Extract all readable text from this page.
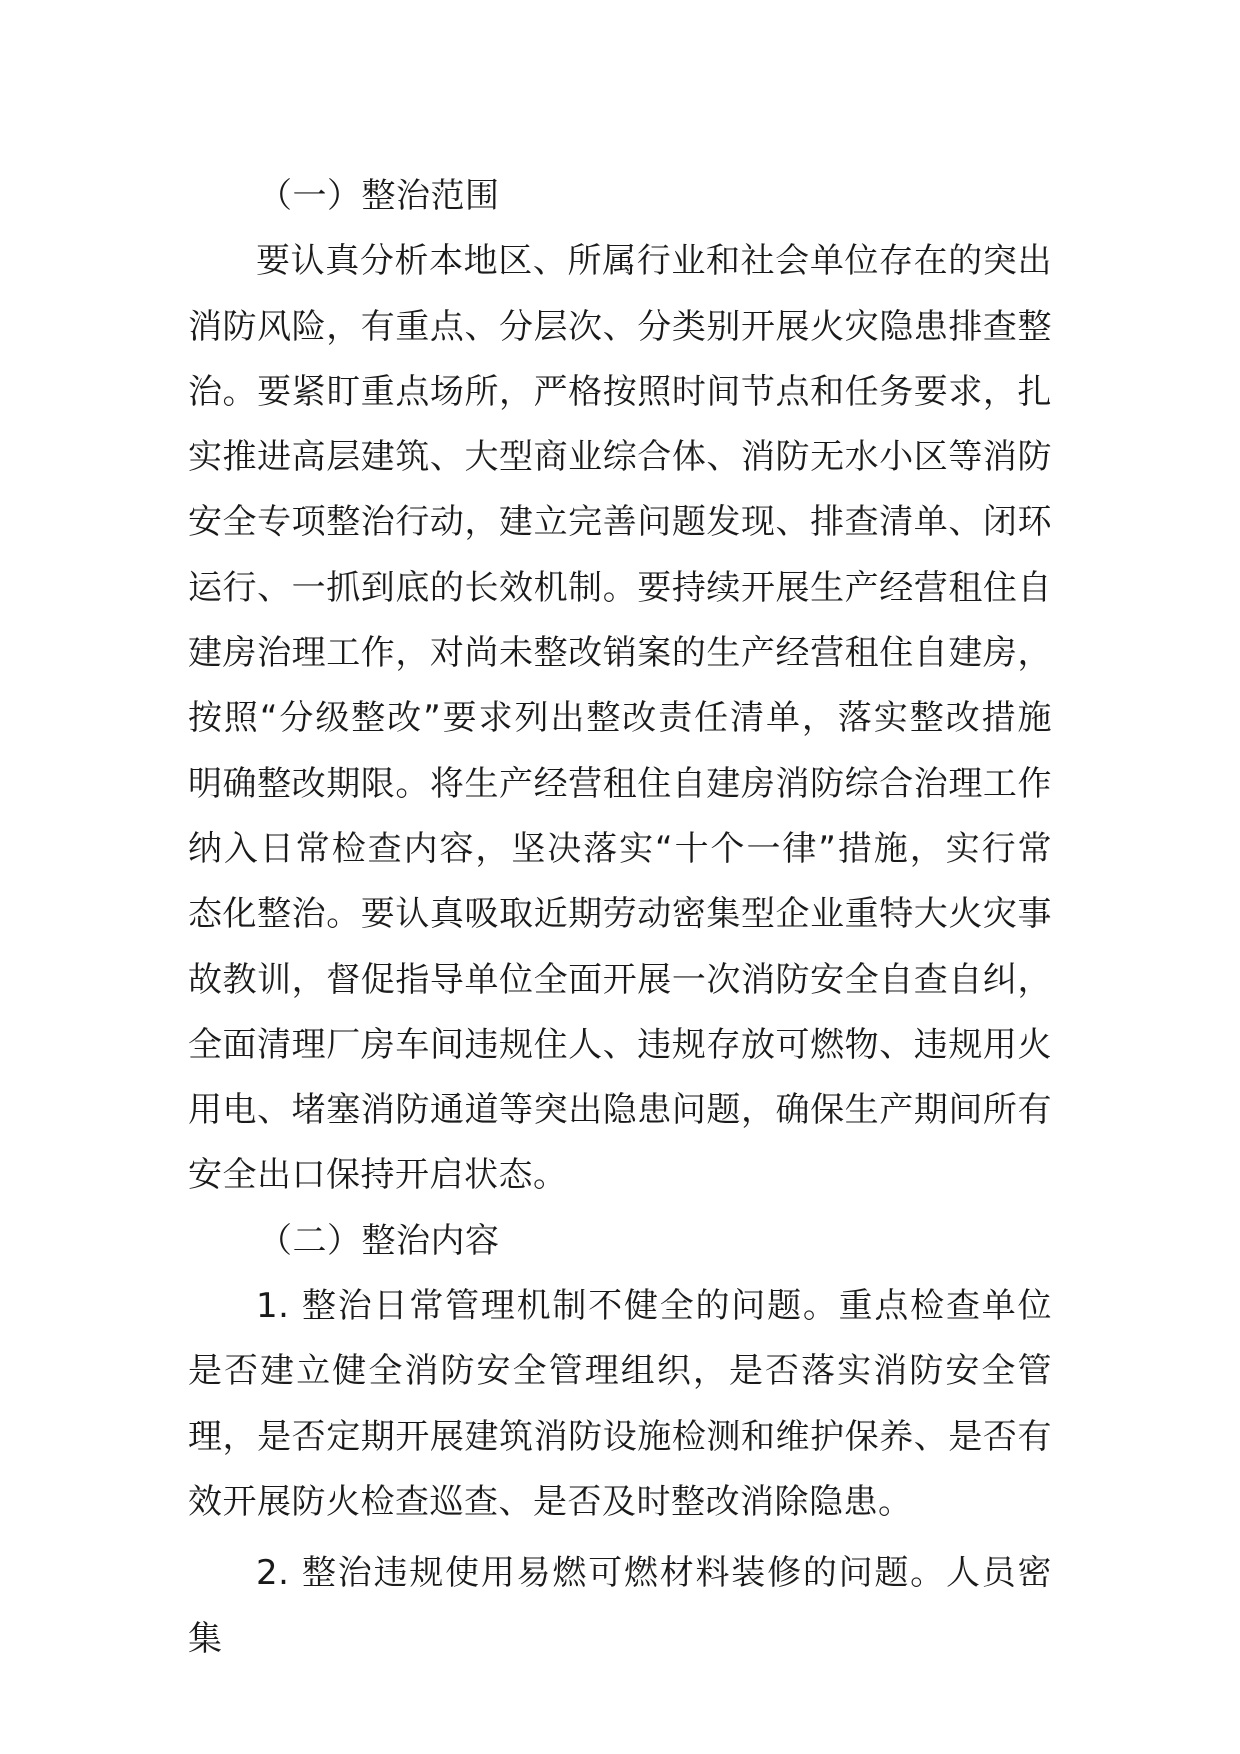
（一）整治范围

要认真分析本地区、所属行业和社会单位存在的突出消防风险，有重点、分层次、分类别开展火灾隐患排查整治。要紧盯重点场所，严格按照时间节点和任务要求，扎实推进高层建筑、大型商业综合体、消防无水小区等消防安全专项整治行动，建立完善问题发现、排查清单、闭环运行、一抓到底的长效机制。要持续开展生产经营租住自建房治理工作，对尚未整改销案的生产经营租住自建房，按照“分级整改”要求列出整改责任清单，落实整改措施明确整改期限。将生产经营租住自建房消防综合治理工作纳入日常检查内容，坚决落实“十个一律”措施，实行常态化整治。要认真吸取近期劳动密集型企业重特大火灾事故教训，督促指导单位全面开展一次消防安全自查自纠，全面清理厂房车间违规住人、违规存放可燃物、违规用火用电、堵塞消防通道等突出隐患问题，确保生产期间所有安全出口保持开启状态。

（二）整治内容

1. 整治日常管理机制不健全的问题。重点检查单位是否建立健全消防安全管理组织，是否落实消防安全管理，是否定期开展建筑消防设施检测和维护保养、是否有效开展防火检查巡查、是否及时整改消除隐患。

2. 整治违规使用易燃可燃材料装修的问题。人员密集
